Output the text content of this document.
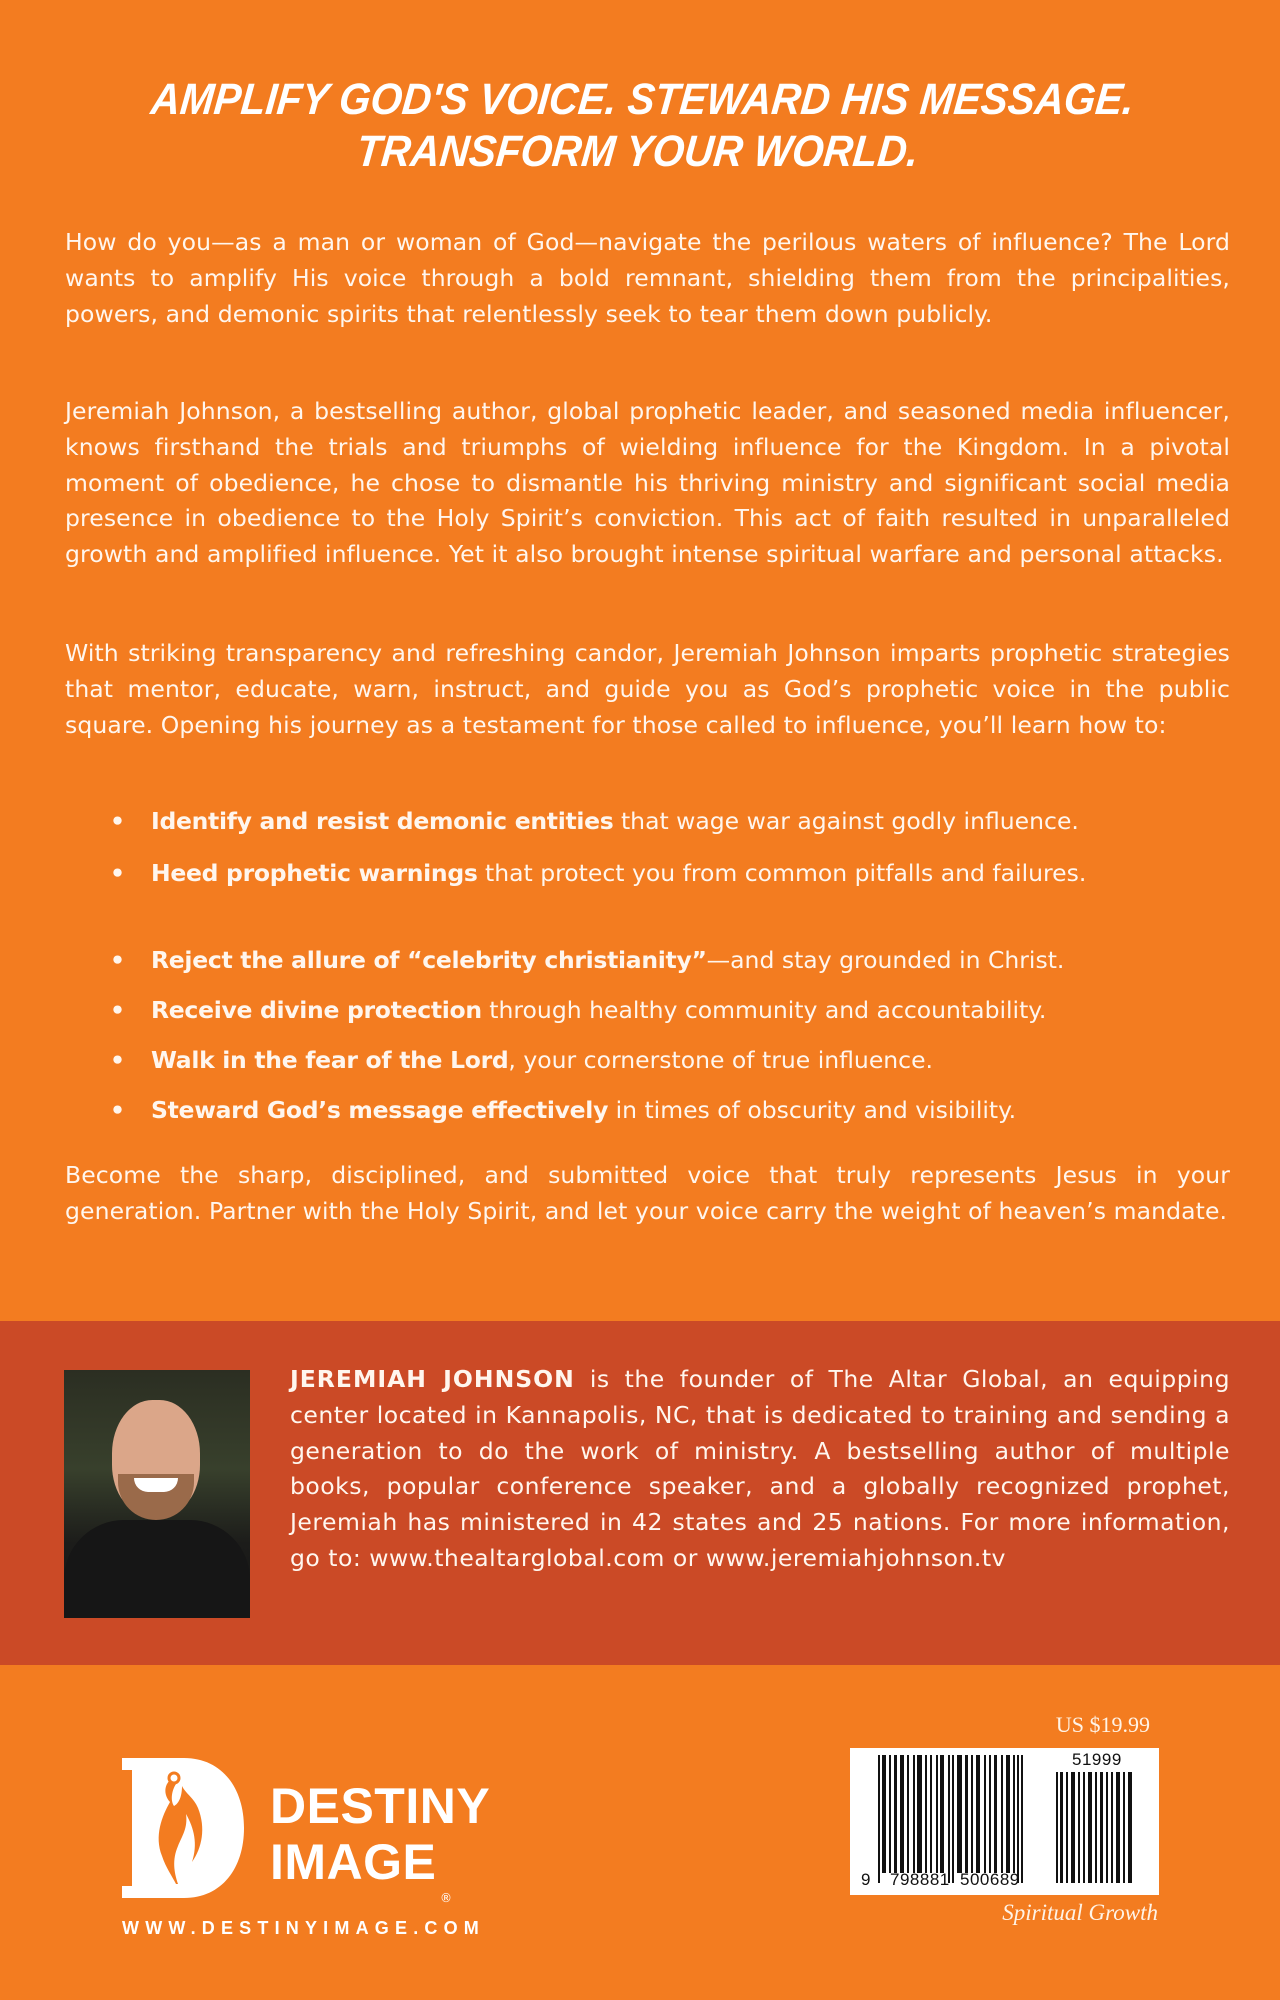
AMPLIFY GOD'S VOICE. STEWARD HIS MESSAGE.
TRANSFORM YOUR WORLD.

How do you—as a man or woman of God—navigate the perilous waters of influence? The Lord wants to amplify His voice through a bold remnant, shielding them from the principalities, powers, and demonic spirits that relentlessly seek to tear them down publicly.

Jeremiah Johnson, a bestselling author, global prophetic leader, and seasoned media influencer, knows firsthand the trials and triumphs of wielding influence for the Kingdom. In a pivotal moment of obedience, he chose to dismantle his thriving ministry and significant social media presence in obedience to the Holy Spirit’s conviction. This act of faith resulted in unparalleled growth and amplified influence. Yet it also brought intense spiritual warfare and personal attacks.

With striking transparency and refreshing candor, Jeremiah Johnson imparts prophetic strategies that mentor, educate, warn, instruct, and guide you as God’s prophetic voice in the public square. Opening his journey as a testament for those called to influence, you’ll learn how to:

• Identify and resist demonic entities that wage war against godly influence.
• Heed prophetic warnings that protect you from common pitfalls and failures.
• Reject the allure of “celebrity christianity”—and stay grounded in Christ.
• Receive divine protection through healthy community and accountability.
• Walk in the fear of the Lord, your cornerstone of true influence.
• Steward God’s message effectively in times of obscurity and visibility.

Become the sharp, disciplined, and submitted voice that truly represents Jesus in your generation. Partner with the Holy Spirit, and let your voice carry the weight of heaven’s mandate.

JEREMIAH JOHNSON is the founder of The Altar Global, an equipping center located in Kannapolis, NC, that is dedicated to training and sending a generation to do the work of ministry. A bestselling author of multiple books, popular conference speaker, and a globally recognized prophet, Jeremiah has ministered in 42 states and 25 nations. For more information, go to: www.thealtarglobal.com or www.jeremiahjohnson.tv

DESTINY
IMAGE
®
WWW.DESTINYIMAGE.COM
US $19.99
9 798881 500689
51999
Spiritual Growth
